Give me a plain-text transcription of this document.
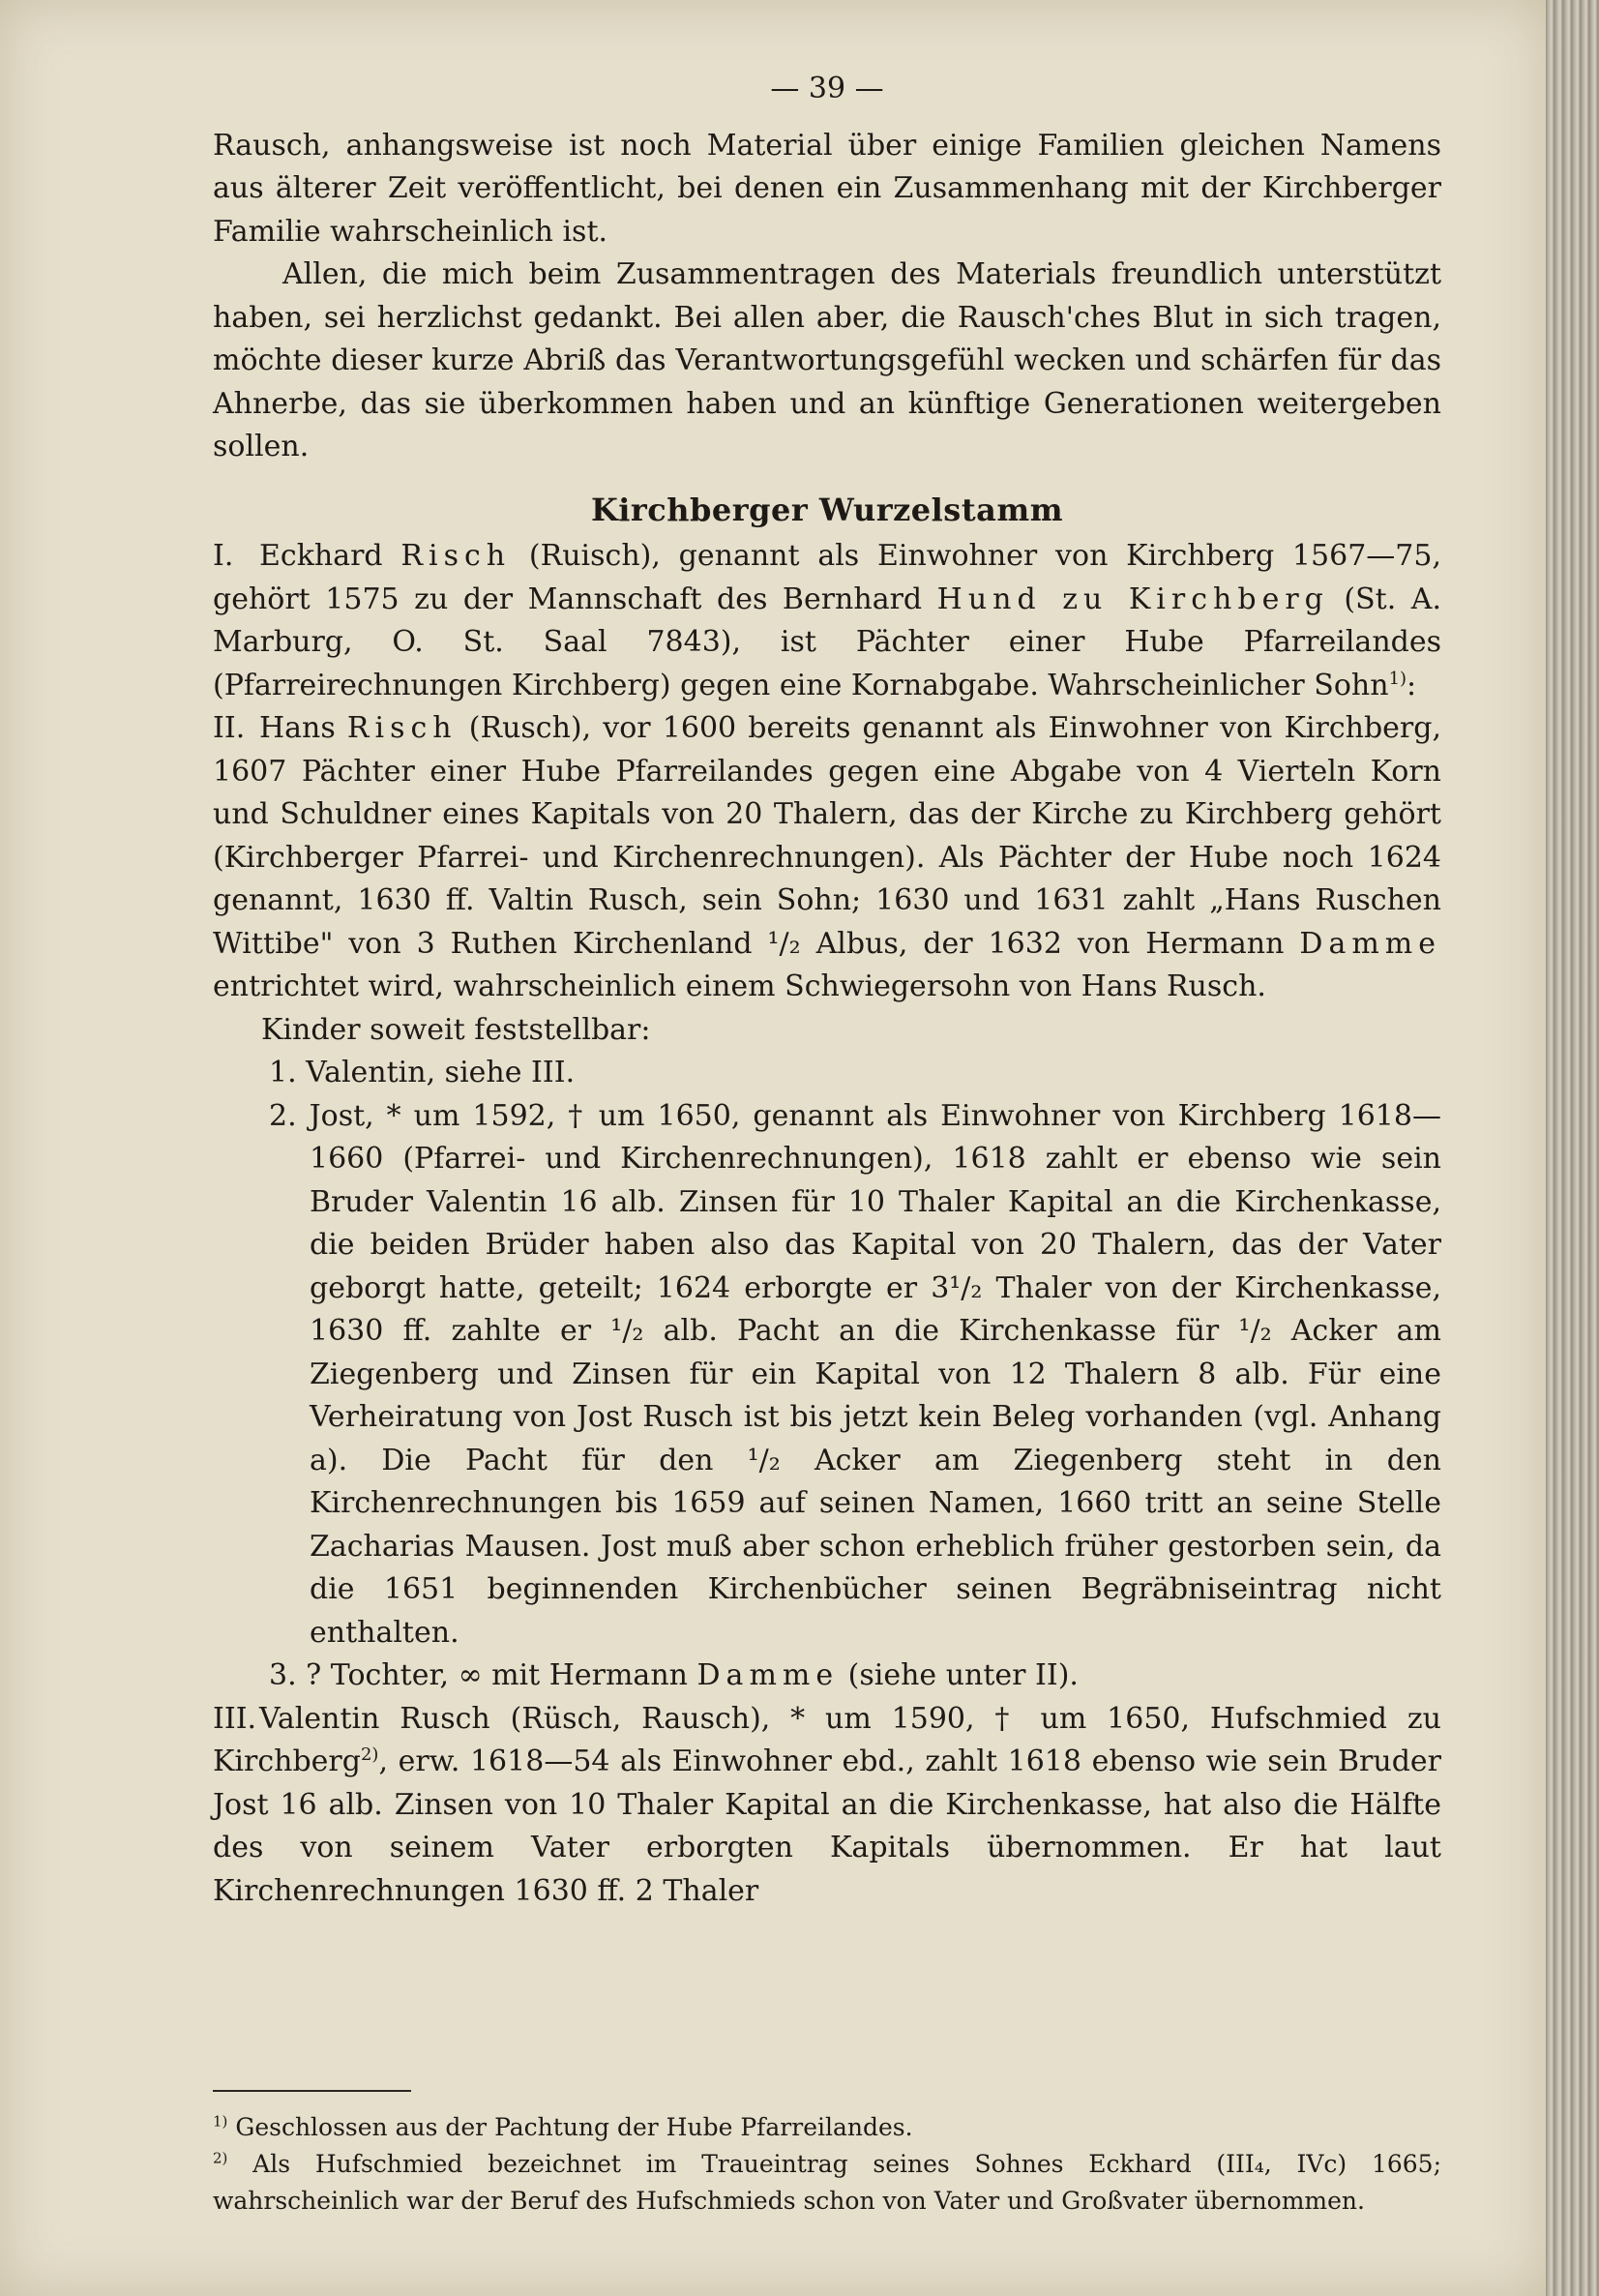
— 39 —

Rausch, anhangsweise ist noch Material über einige Familien gleichen Namens aus älterer Zeit veröffentlicht, bei denen ein Zusammenhang mit der Kirchberger Familie wahrscheinlich ist.

Allen, die mich beim Zusammentragen des Materials freundlich unterstützt haben, sei herzlichst gedankt. Bei allen aber, die Rausch'ches Blut in sich tragen, möchte dieser kurze Abriß das Verantwortungsgefühl wecken und schärfen für das Ahnerbe, das sie überkommen haben und an künftige Generationen weitergeben sollen.

Kirchberger Wurzelstamm

I. Eckhard Risch (Ruisch), genannt als Einwohner von Kirchberg 1567—75, gehört 1575 zu der Mannschaft des Bernhard Hund zu Kirchberg (St. A. Marburg, O. St. Saal 7843), ist Pächter einer Hube Pfarreilandes (Pfarreirechnungen Kirchberg) gegen eine Kornabgabe. Wahrscheinlicher Sohn$^{1)}$:

II. Hans Risch (Rusch), vor 1600 bereits genannt als Einwohner von Kirchberg, 1607 Pächter einer Hube Pfarreilandes gegen eine Abgabe von 4 Vierteln Korn und Schuldner eines Kapitals von 20 Thalern, das der Kirche zu Kirchberg gehört (Kirchberger Pfarrei- und Kirchenrechnungen). Als Pächter der Hube noch 1624 genannt, 1630 ff. Valtin Rusch, sein Sohn; 1630 und 1631 zahlt „Hans Ruschen Wittibe" von 3 Ruthen Kirchenland ¹/₂ Albus, der 1632 von Hermann Damme entrichtet wird, wahrscheinlich einem Schwiegersohn von Hans Rusch.

Kinder soweit feststellbar:

1. Valentin, siehe III.

2. Jost, * um 1592, † um 1650, genannt als Einwohner von Kirchberg 1618—1660 (Pfarrei- und Kirchenrechnungen), 1618 zahlt er ebenso wie sein Bruder Valentin 16 alb. Zinsen für 10 Thaler Kapital an die Kirchenkasse, die beiden Brüder haben also das Kapital von 20 Thalern, das der Vater geborgt hatte, geteilt; 1624 erborgte er 3¹/₂ Thaler von der Kirchenkasse, 1630 ff. zahlte er ¹/₂ alb. Pacht an die Kirchenkasse für ¹/₂ Acker am Ziegenberg und Zinsen für ein Kapital von 12 Thalern 8 alb. Für eine Verheiratung von Jost Rusch ist bis jetzt kein Beleg vorhanden (vgl. Anhang a). Die Pacht für den ¹/₂ Acker am Ziegenberg steht in den Kirchenrechnungen bis 1659 auf seinen Namen, 1660 tritt an seine Stelle Zacharias Mausen. Jost muß aber schon erheblich früher gestorben sein, da die 1651 beginnenden Kirchenbücher seinen Begräbniseintrag nicht enthalten.

3. ? Tochter, ∞ mit Hermann Damme (siehe unter II).

III.Valentin Rusch (Rüsch, Rausch), * um 1590, † um 1650, Hufschmied zu Kirchberg$^{2)}$, erw. 1618—54 als Einwohner ebd., zahlt 1618 ebenso wie sein Bruder Jost 16 alb. Zinsen von 10 Thaler Kapital an die Kirchenkasse, hat also die Hälfte des von seinem Vater erborgten Kapitals übernommen. Er hat laut Kirchenrechnungen 1630 ff. 2 Thaler

$^{1)}$ Geschlossen aus der Pachtung der Hube Pfarreilandes.

$^{2)}$ Als Hufschmied bezeichnet im Traueintrag seines Sohnes Eckhard (III₄, IVc) 1665; wahrscheinlich war der Beruf des Hufschmieds schon von Vater und Großvater übernommen.
